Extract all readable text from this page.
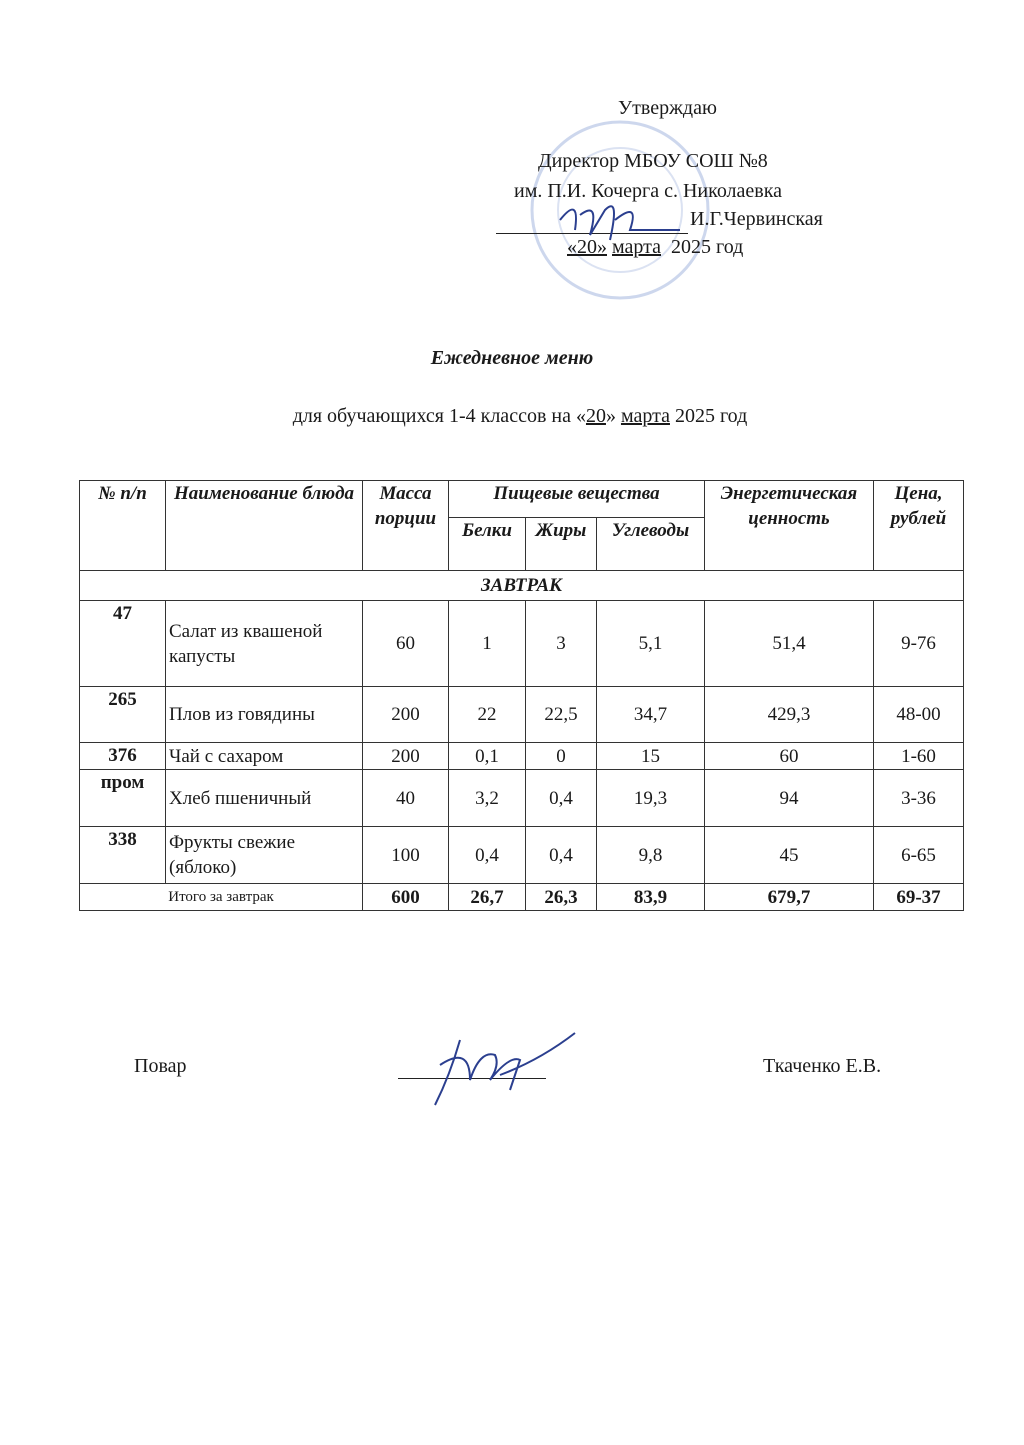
Утверждаю
Директор МБОУ СОШ №8
им. П.И. Кочерга с. Николаевка
И.Г.Червинская
«20» марта 2025 год
Ежедневное меню
для обучающихся 1-4 классов на «20» марта 2025 год
№ п/п	Наименование блюда	Масса порции	Пищевые вещества			Энергетическая ценность	Цена, рублей
			Белки	Жиры	Углеводы		
ЗАВТРАК							
47	Салат из квашеной капусты	60	1	3	5,1	51,4	9-76
265	Плов из говядины	200	22	22,5	34,7	429,3	48-00
376	Чай с сахаром	200	0,1	0	15	60	1-60
пром	Хлеб пшеничный	40	3,2	0,4	19,3	94	3-36
338	Фрукты свежие (яблоко)	100	0,4	0,4	9,8	45	6-65
Итого за завтрак		600	26,7	26,3	83,9	679,7	69-37
Повар	Ткаченко Е.В.
